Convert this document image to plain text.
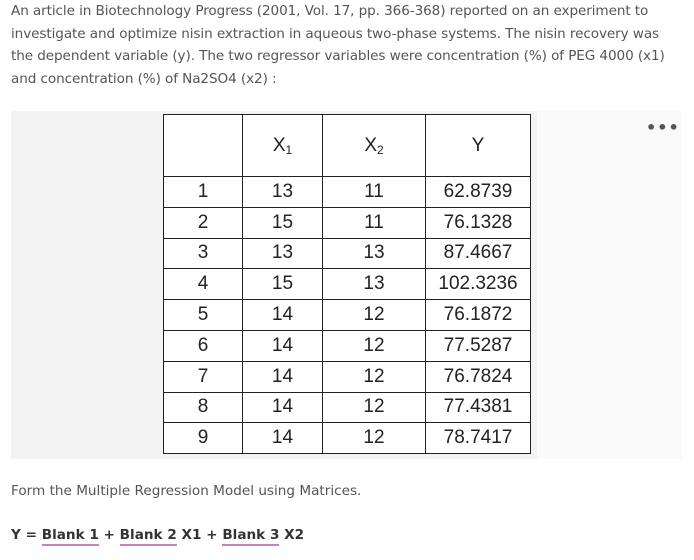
An article in Biotechnology Progress (2001, Vol. 17, pp. 366-368) reported on an experiment to investigate and optimize nisin extraction in aqueous two-phase systems. The nisin recovery was the dependent variable (y). The two regressor variables were concentration (%) of PEG 4000 (x1) and concentration (%) of Na2SO4 (x2) :
•••
	$X_1$	$X_2$	Y
1	13	11	62.8739
2	15	11	76.1328
3	13	13	87.4667
4	15	13	102.3236
5	14	12	76.1872
6	14	12	77.5287
7	14	12	76.7824
8	14	12	77.4381
9	14	12	78.7417
Form the Multiple Regression Model using Matrices.
Y = Blank 1 + Blank 2 X1 + Blank 3 X2
